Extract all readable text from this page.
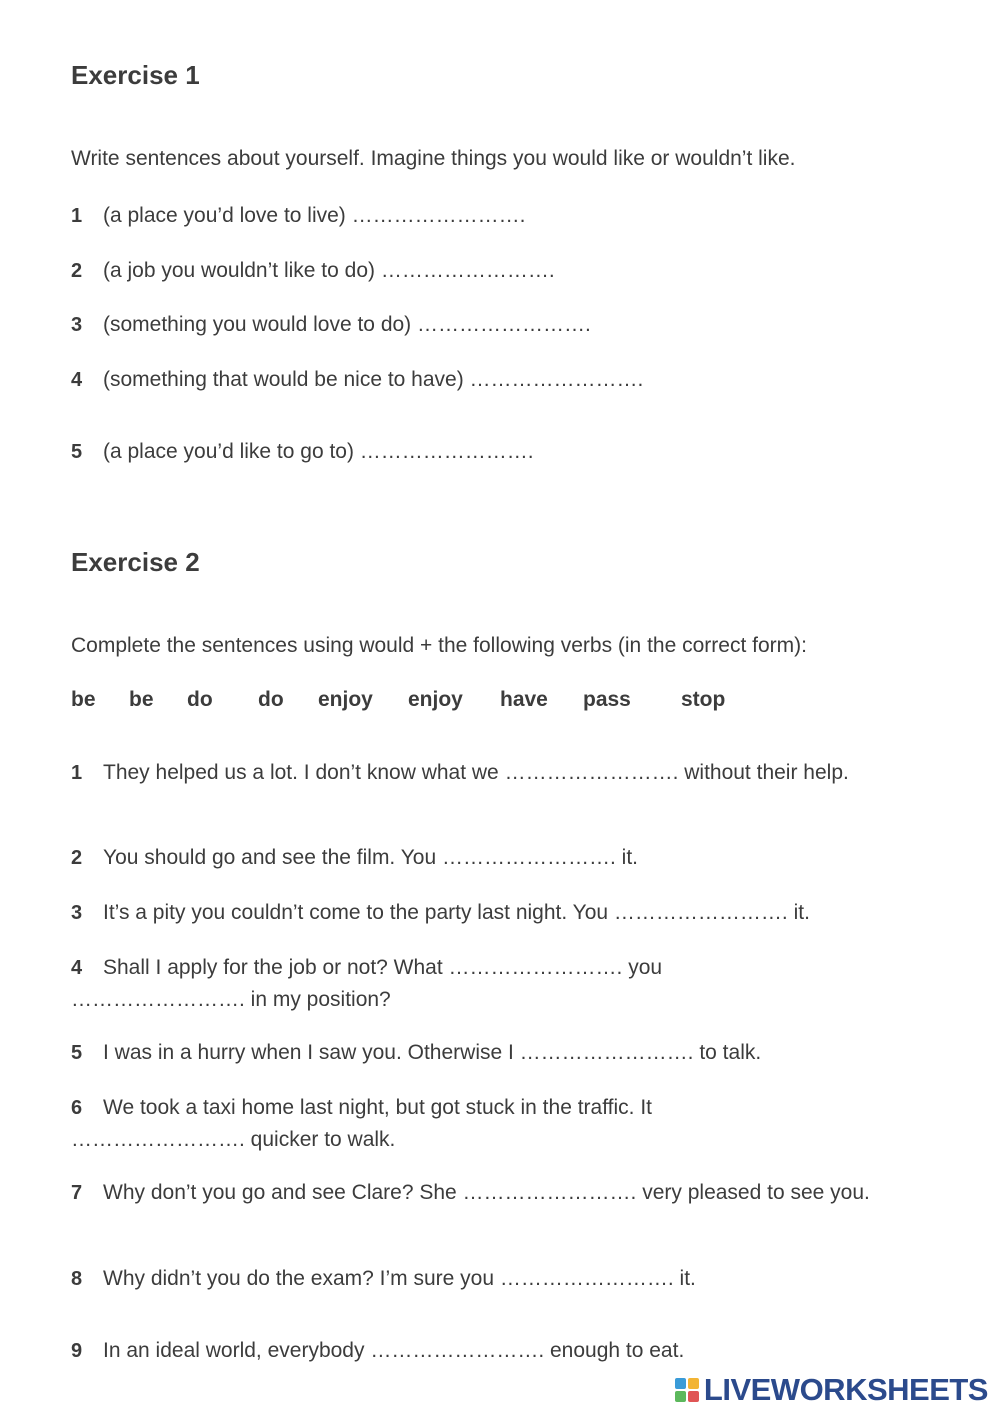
Exercise 1
Write sentences about yourself. Imagine things you would like or wouldn’t like.
1 (a place you’d love to live) …………………….
2 (a job you wouldn’t like to do) …………………….
3 (something you would love to do) …………………….
4 (something that would be nice to have) …………………….
5 (a place you’d like to go to) …………………….
Exercise 2
Complete the sentences using would + the following verbs (in the correct form):
be be do do enjoy enjoy have pass stop
1 They helped us a lot. I don’t know what we ……………………. without their help.
2 You should go and see the film. You ……………………. it.
3 It’s a pity you couldn’t come to the party last night. You ……………………. it.
4 Shall I apply for the job or not? What ……………………. you ……………………. in my position?
5 I was in a hurry when I saw you. Otherwise I ……………………. to talk.
6 We took a taxi home last night, but got stuck in the traffic. It ……………………. quicker to walk.
7 Why don’t you go and see Clare? She ……………………. very pleased to see you.
8 Why didn’t you do the exam? I’m sure you ……………………. it.
9 In an ideal world, everybody ……………………. enough to eat.
LIVEWORKSHEETS
